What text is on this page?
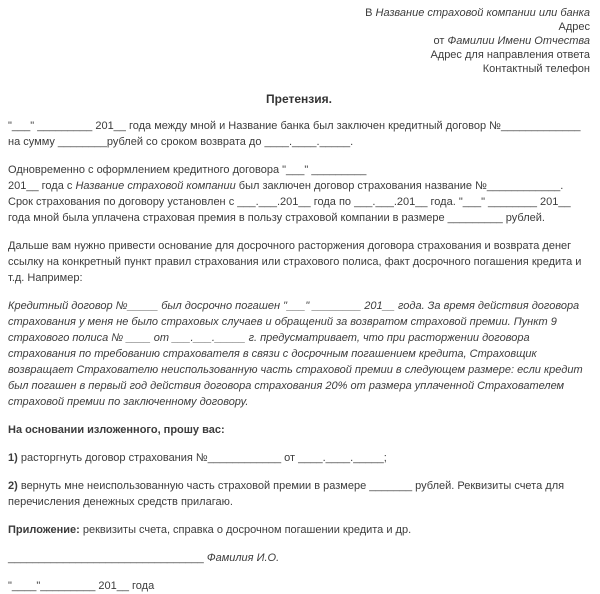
В Название страховой компании или банка
Адрес
от Фамилии Имени Отчества
Адрес для направления ответа
Контактный телефон
Претензия.

"___" _________ 201__ года между мной и Название банка был заключен кредитный договор №_____________ на сумму ________рублей со сроком возврата до ____.____._____.

Одновременно с оформлением кредитного договора "___" _________
201__ года с Название страховой компании был заключен договор страхования название №____________. Срок страхования по договору установлен с ___.___.201__ года по ___.___.201__ года. "___" ________ 201__ года мной была уплачена страховая премия в пользу страховой компании в размере _________ рублей.

Дальше вам нужно привести основание для досрочного расторжения договора страхования и возврата денег ссылку на конкретный пункт правил страхования или страхового полиса, факт досрочного погашения кредита и т.д. Например:

Кредитный договор №_____ был досрочно погашен "___" ________ 201__ года. За время действия договора страхования у меня не было страховых случаев и обращений за возвратом страховой премии. Пункт 9 страхового полиса № ____ от ___.___._____ г. предусматривает, что при расторжении договора страхования по требованию страхователя в связи с досрочным погашением кредита, Страховщик возвращает Страхователю неиспользованную часть страховой премии в следующем размере: если кредит был погашен в первый год действия договора страхования 20% от размера уплаченной Страхователем страховой премии по заключенному договору.

На основании изложенного, прошу вас:

1) расторгнуть договор страхования №____________ от ____.____._____;

2) вернуть мне неиспользованную часть страховой премии в размере _______ рублей. Реквизиты счета для перечисления денежных средств прилагаю.

Приложение: реквизиты счета, справка о досрочном погашении кредита и др.

________________________________ Фамилия И.О.

"____"_________ 201__ года
